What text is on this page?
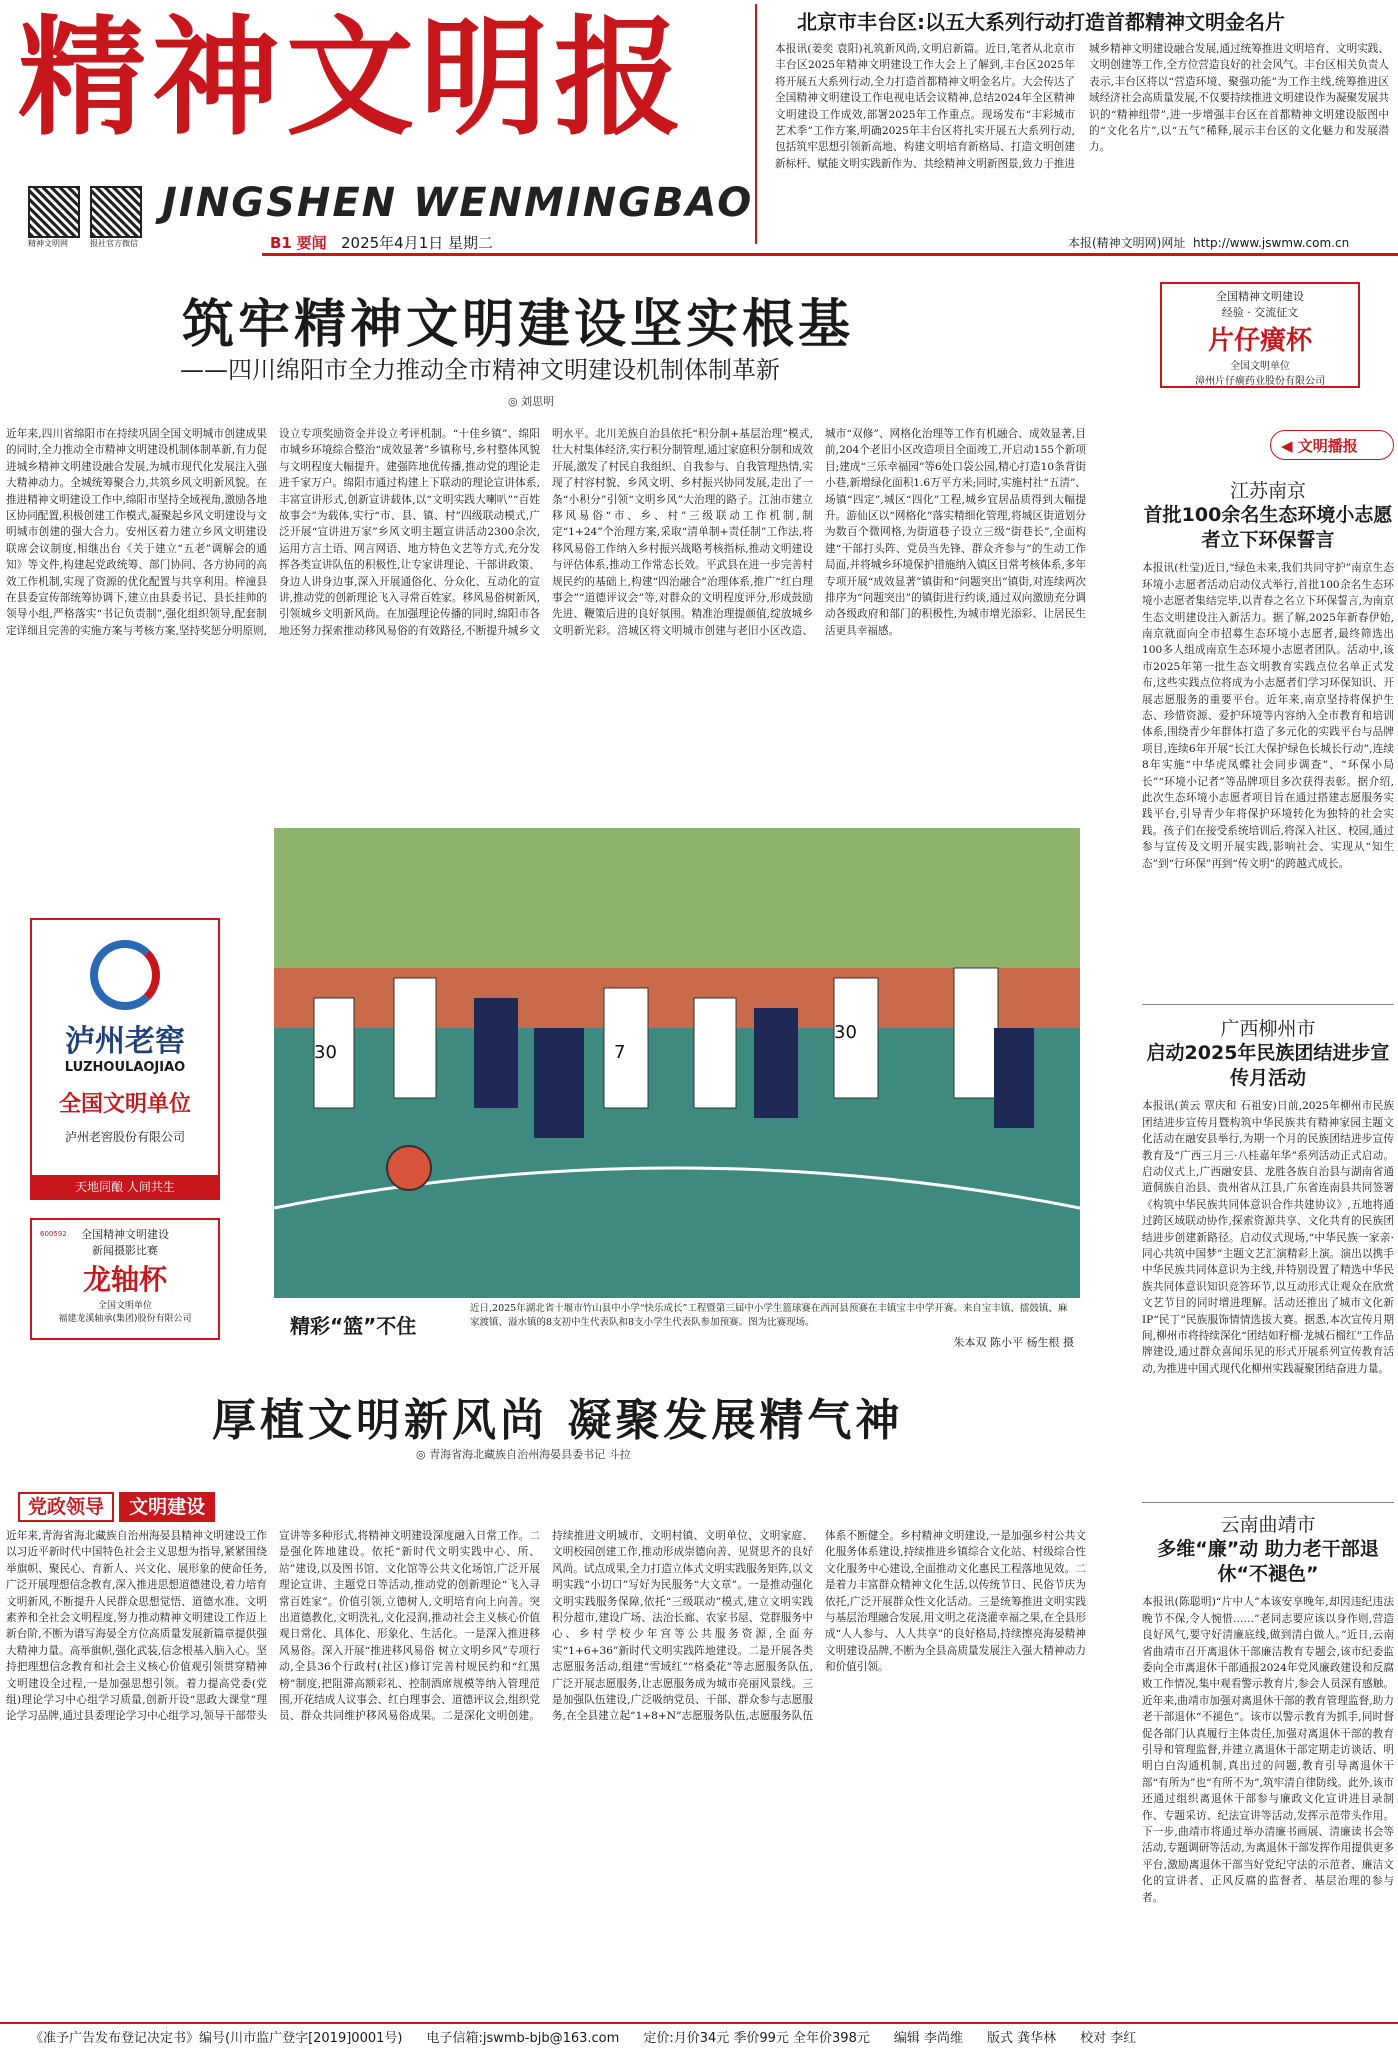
精神文明报
JINGSHEN WENMINGBAO
精神文明网	报社官方微信	B1 要闻 2025年4月1日 星期二	本报(精神文明网)网址 http://www.jswmw.com.cn
北京市丰台区:以五大系列行动打造首都精神文明金名片
本报讯(姜奕 袁阳)礼筑新风尚,文明启新篇。近日,笔者从北京市丰台区2025年精神文明建设工作大会上了解到,丰台区2025年将开展五大系列行动,全力打造首都精神文明金名片。大会传达了全国精神文明建设工作电视电话会议精神,总结2024年全区精神文明建设工作成效,部署2025年工作重点。现场发布“丰彩城市艺术季”工作方案,明确2025年丰台区将扎实开展五大系列行动,包括筑牢思想引领新高地、构建文明培育新格局、打造文明创建新标杆、赋能文明实践新作为、共绘精神文明新图景,致力于推进城乡精神文明建设融合发展,通过统筹推进文明培育、文明实践、文明创建等工作,全方位营造良好的社会风气。丰台区相关负责人表示,丰台区将以“营造环境、聚强功能”为工作主线,统筹推进区域经济社会高质量发展,不仅要持续推进文明建设作为凝聚发展共识的“精神纽带”,进一步增强丰台区在首都精神文明建设版图中的“文化名片”,以“五气”稀释,展示丰台区的文化魅力和发展潜力。
筑牢精神文明建设坚实根基
——四川绵阳市全力推动全市精神文明建设机制体制革新
◎ 刘思明
近年来,四川省绵阳市在持续巩固全国文明城市创建成果的同时,全力推动全市精神文明建设机制体制革新,有力促进城乡精神文明建设融合发展,为城市现代化发展注入强大精神动力。全城统筹聚合力,共筑乡风文明新风貌。在推进精神文明建设工作中,绵阳市坚持全域视角,激励各地区协同配置,积极创建工作模式,凝聚起乡风文明建设与文明城市创建的强大合力。安州区着力建立乡风文明建设联席会议制度,相继出台《关于建立“五老”调解会的通知》等文件,构建起党政统筹、部门协同、各方协同的高效工作机制,实现了资源的优化配置与共享利用。梓潼县在县委宣传部统筹协调下,建立由县委书记、县长挂帅的领导小组,严格落实“书记负责制”,强化组织领导,配套制定详细且完善的实施方案与考核方案,坚持奖惩分明原则,设立专项奖励资金并设立考评机制。“十佳乡镇”、绵阳市城乡环境综合整治“成效显著”乡镇称号,乡村整体风貌与文明程度大幅提升。建强阵地优传播,推动党的理论走进千家万户。绵阳市通过构建上下联动的理论宣讲体系,丰富宣讲形式,创新宣讲载体,以“文明实践大喇叭”“百姓故事会”为载体,实行“市、县、镇、村”四级联动模式,广泛开展“宣讲进万家”乡风文明主题宣讲活动2300余次,运用方言土语、网言网语、地方特色文艺等方式,充分发挥各类宣讲队伍的积极性,让专家讲理论、干部讲政策、身边人讲身边事,深入开展通俗化、分众化、互动化的宣讲,推动党的创新理论飞入寻常百姓家。移风易俗树新风,引领城乡文明新风尚。在加强理论传播的同时,绵阳市各地还努力探索推动移风易俗的有效路径,不断提升城乡文明水平。北川羌族自治县依托“积分制+基层治理”模式,壮大村集体经济,实行积分制管理,通过家庭积分制和成效开展,激发了村民自我组织、自我参与、自我管理热情,实现了村容村貌、乡风文明、乡村振兴协同发展,走出了一条“小积分”引领“文明乡风”大治理的路子。江油市建立移风易俗“市、乡、村”三级联动工作机制,制定“1+24”个治理方案,采取“清单制+责任制”工作法,将移风易俗工作纳入乡村振兴战略考核指标,推动文明建设与评估体系,推动工作常态长效。平武县在进一步完善村规民约的基础上,构建“四治融合”治理体系,推广“红白理事会”“道德评议会”等,对群众的文明程度评分,形成鼓励先进、鞭策后进的良好氛围。精准治理提颜值,绽放城乡文明新光彩。涪城区将文明城市创建与老旧小区改造、城市“双修”、网格化治理等工作有机融合、成效显著,目前,204个老旧小区改造项目全面竣工,开启动155个新项目;建成“三乐幸福园”等6处口袋公园,精心打造10条背街小巷,新增绿化面积1.6万平方米;同时,实施村社“五清”、场镇“四定”,城区“四化”工程,城乡宜居品质得到大幅提升。游仙区以“网格化”落实精细化管理,将城区街道划分为数百个微网格,为街道巷子设立三级“街巷长”,全面构建“干部打头阵、党员当先锋、群众齐参与”的生动工作局面,并将城乡环境保护措施纳入镇区目常考核体系,多年专项开展“成效显著”镇街和“问题突出”镇街,对连续两次排序为“问题突出”的镇街进行约谈,通过双向激励充分调动各级政府和部门的积极性,为城市增光添彩、让居民生活更具幸福感。
泸州老窖
LUZHOULAOJIAO
全国文明单位
泸州老窖股份有限公司
天地同酿 人间共生
全国精神文明建设
新闻摄影比赛
龙轴杯
全国文明单位
福建龙溪轴承(集团)股份有限公司
600592
30	7
30
精彩“篮”不住
近日,2025年湖北省十堰市竹山县中小学“快乐成长”工程暨第三届中小学生篮球赛在西河县预赛在丰镇宝丰中学开赛。来自宝丰镇、擂鼓镇、麻家渡镇、溢水镇的8支初中生代表队和8支小学生代表队参加预赛。图为比赛现场。
朱本双 陈小平 杨生根 摄
全国精神文明建设
经验 · 交流征文
片仔癀杯
全国文明单位
漳州片仔癀药业股份有限公司
◀ 文明播报
江苏南京
首批100余名生态环境小志愿者立下环保誓言
本报讯(杜莹)近日,“绿色未来,我们共同守护”南京生态环境小志愿者活动启动仪式举行,首批100余名生态环境小志愿者集结完毕,以青春之名立下环保誓言,为南京生态文明建设注入新活力。据了解,2025年新春伊始,南京就面向全市招募生态环境小志愿者,最终筛选出100多人组成南京生态环境小志愿者团队。活动中,该市2025年第一批生态文明教育实践点位名单正式发布,这些实践点位将成为小志愿者们学习环保知识、开展志愿服务的重要平台。近年来,南京坚持将保护生态、珍惜资源、爱护环境等内容纳入全市教育和培训体系,围绕青少年群体打造了多元化的实践平台与品牌项目,连续6年开展“长江大保护绿色长城长行动”,连续8年实施“中华虎凤蝶社会同步调查”、“环保小局长”“环境小记者”等品牌项目多次获得表彰。据介绍,此次生态环境小志愿者项目旨在通过搭建志愿服务实践平台,引导青少年将保护环境转化为独特的社会实践。孩子们在接受系统培训后,将深入社区、校园,通过参与宣传及文明开展实践,影响社会、实现从“知生态”到“行环保”再到“传文明”的跨越式成长。
广西柳州市
启动2025年民族团结进步宣传月活动
本报讯(黄云 覃庆和 石祖安)日前,2025年柳州市民族团结进步宣传月暨构筑中华民族共有精神家园主题文化活动在融安县举行,为期一个月的民族团结进步宣传教育及“广西三月三·八桂嘉年华”系列活动正式启动。启动仪式上,广西融安县、龙胜各族自治县与湖南省通道侗族自治县、贵州省从江县,广东省连南县共同签署《构筑中华民族共同体意识合作共建协议》,五地将通过跨区域联动协作,探索资源共享、文化共育的民族团结进步创建新路径。启动仪式现场,“中华民族一家亲·同心共筑中国梦”主题文艺汇演精彩上演。演出以携手中华民族共同体意识为主线,并特别设置了精选中华民族共同体意识知识竞答环节,以互动形式让观众在欣赏文艺节目的同时增进理解。活动还推出了城市文化新IP“民丁”民族服饰情情选拔大赛。据悉,本次宣传月期间,柳州市将持续深化“团结如籽榴·龙城石榴红”工作品牌建设,通过群众喜闻乐见的形式开展系列宣传教育活动,为推进中国式现代化柳州实践凝聚团结奋进力量。
云南曲靖市
多维“廉”动 助力老干部退休“不褪色”
本报讯(陈聪明)“片中人”本该安享晚年,却因违纪违法晚节不保,令人惋惜……”老同志要应该以身作则,营造良好风气,要守好清廉底线,做到清白做人。”近日,云南省曲靖市召开离退休干部廉洁教育专题会,该市纪委监委向全市离退休干部通报2024年党风廉政建设和反腐败工作情况,集中观看警示教育片,参会人员深有感触。近年来,曲靖市加强对离退休干部的教育管理监督,助力老干部退休“不褪色”。该市以警示教育为抓手,同时督促各部门认真履行主体责任,加强对离退休干部的教育引导和管理监督,并建立离退休干部定期走访谈话、明明白白沟通机制,真出过的问题,教育引导离退休干部“有所为”也“有所不为”,筑牢清自律防线。此外,该市还通过组织离退休干部参与廉政文化宣讲进目录制作、专题采访、纪法宣讲等活动,发挥示范带头作用。下一步,曲靖市将通过举办清廉书画展、清廉读书会等活动,专题调研等活动,为离退休干部发挥作用提供更多平台,激励离退休干部当好党纪守法的示范者、廉洁文化的宣讲者、正风反腐的监督者、基层治理的参与者。
厚植文明新风尚 凝聚发展精气神
◎ 青海省海北藏族自治州海晏县委书记 斗拉
党政领导 文明建设
近年来,青海省海北藏族自治州海晏县精神文明建设工作以习近平新时代中国特色社会主义思想为指导,紧紧围绕举旗帜、聚民心、育新人、兴文化、展形象的使命任务,广泛开展理想信念教育,深入推进思想道德建设,着力培育文明新风,不断提升人民群众思想觉悟、道德水准、文明素养和全社会文明程度,努力推动精神文明建设工作迈上新台阶,不断为谱写海晏全方位高质量发展新篇章提供强大精神力量。高举旗帜,强化武装,信念根基入脑入心。坚持把理想信念教育和社会主义核心价值观引领贯穿精神文明建设全过程,一是加强思想引领。着力提高党委(党组)理论学习中心组学习质量,创新开设“思政大课堂”理论学习品牌,通过县委理论学习中心组学习,领导干部带头宣讲等多种形式,将精神文明建设深度融入日常工作。二是强化阵地建设。依托“新时代文明实践中心、所、站”建设,以及图书馆、文化馆等公共文化场馆,广泛开展理论宣讲、主题党日等活动,推动党的创新理论“飞入寻常百姓家”。价值引领,立德树人,文明培育向上向善。突出道德教化,文明洗礼,文化浸润,推动社会主义核心价值观日常化、具体化、形象化、生活化。一是深入推进移风易俗。深入开展“推进移风易俗 树立文明乡风”专项行动,全县36个行政村(社区)修订完善村规民约和“红黑榜”制度,把阻滞高额彩礼、控制酒席规模等纳入管理范围,开花结成人议事会、红白理事会、道德评议会,组织党员、群众共同维护移风易俗成果。二是深化文明创建。持续推进文明城市、文明村镇、文明单位、文明家庭、文明校园创建工作,推动形成崇德向善、见贤思齐的良好风尚。试点成果,全力打造立体式文明实践服务矩阵,以文明实践“小切口”写好为民服务“大文章”。一是推动强化文明实践服务保障,依托“三级联动”模式,建立文明实践积分超市,建设广场、法治长廊、农家书屋、党群服务中心、乡村学校少年宫等公共服务资源,全面夯实“1+6+36”新时代文明实践阵地建设。二是开展各类志愿服务活动,组建“雪域红”“格桑花”等志愿服务队伍,广泛开展志愿服务,让志愿服务成为城市亮丽风景线。三是加强队伍建设,广泛吸纳党员、干部、群众参与志愿服务,在全县建立起“1+8+N”志愿服务队伍,志愿服务队伍体系不断健全。乡村精神文明建设,一是加强乡村公共文化服务体系建设,持续推进乡镇综合文化站、村级综合性文化服务中心建设,全面推动文化惠民工程落地见效。二是着力丰富群众精神文化生活,以传统节日、民俗节庆为依托,广泛开展群众性文化活动。三是统筹推进文明实践与基层治理融合发展,用文明之花浇灌幸福之果,在全县形成“人人参与、人人共享”的良好格局,持续擦亮海晏精神文明建设品牌,不断为全县高质量发展注入强大精神动力和价值引领。
《准予广告发布登记决定书》编号(川市监广登字[2019]0001号) 电子信箱:jswmb-bjb@163.com 定价:月价34元 季价99元 全年价398元 编辑 李尚维 版式 龚华林 校对 李红
